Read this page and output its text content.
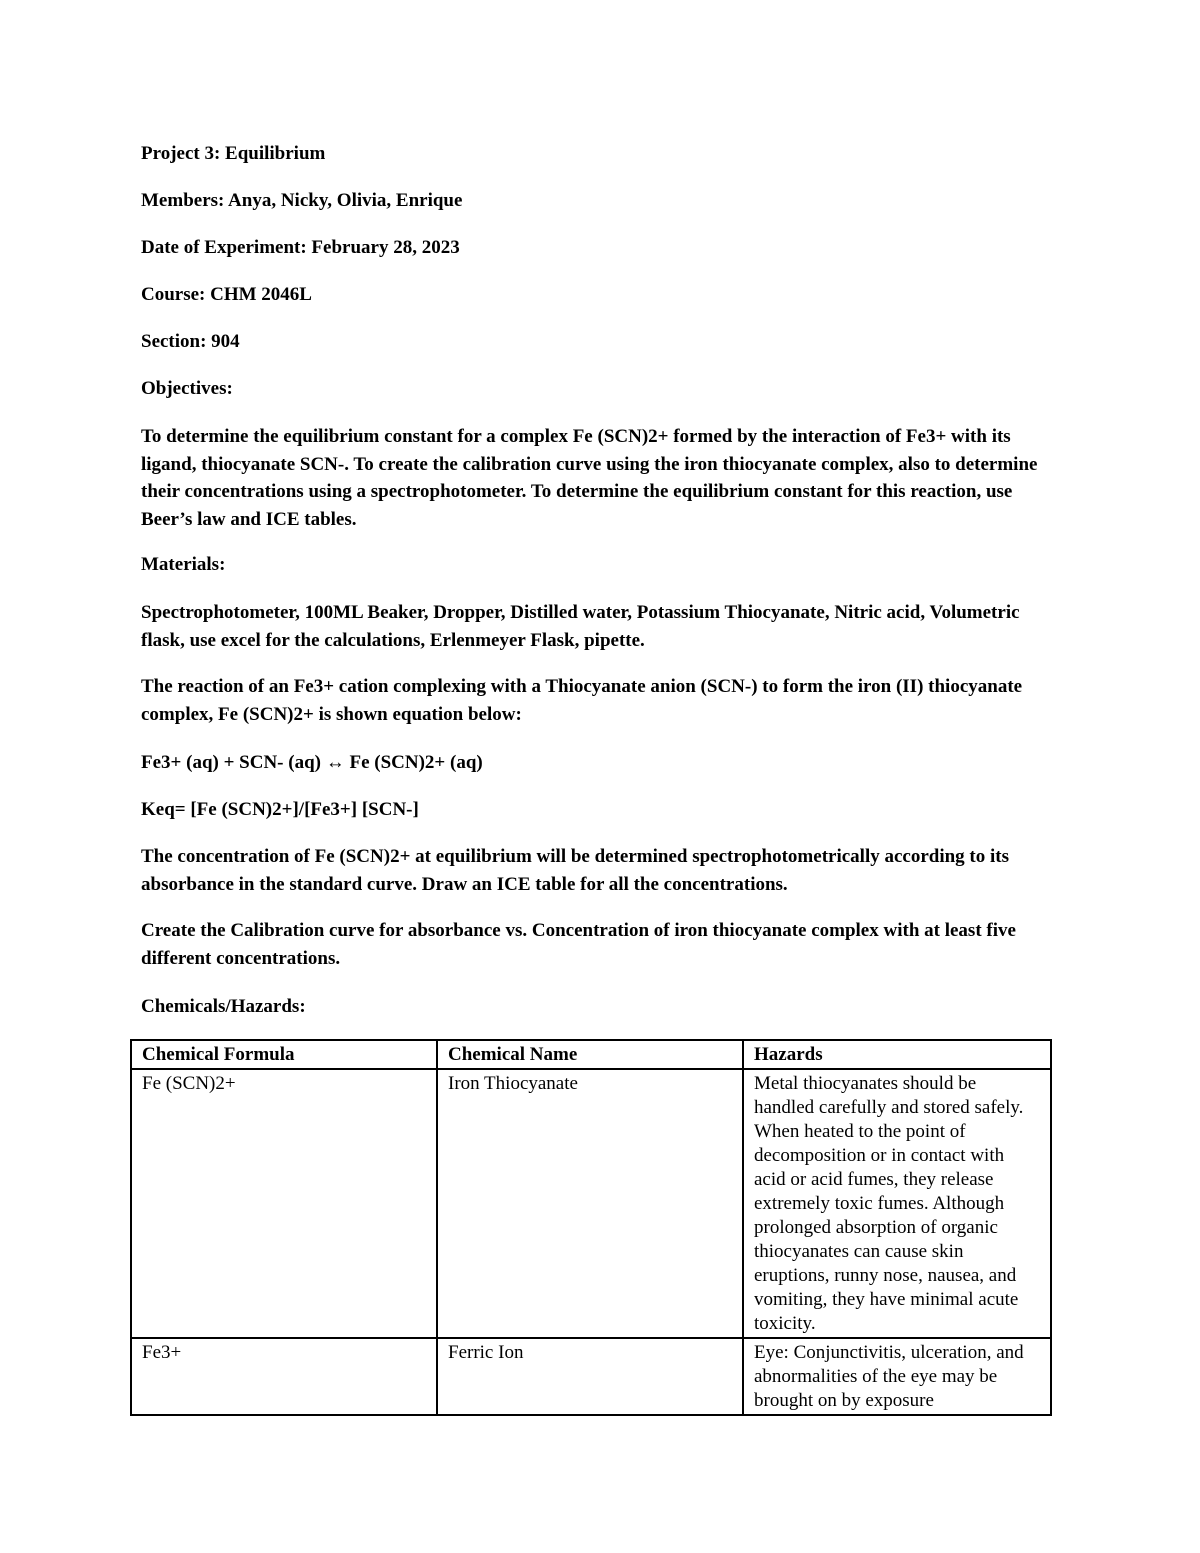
Project 3: Equilibrium

Members: Anya, Nicky, Olivia, Enrique

Date of Experiment: February 28, 2023

Course: CHM 2046L

Section: 904

Objectives:

To determine the equilibrium constant for a complex Fe (SCN)2+ formed by the interaction of Fe3+ with its ligand, thiocyanate SCN-. To create the calibration curve using the iron thiocyanate complex, also to determine their concentrations using a spectrophotometer. To determine the equilibrium constant for this reaction, use Beer’s law and ICE tables.

Materials:

Spectrophotometer, 100ML Beaker, Dropper, Distilled water, Potassium Thiocyanate, Nitric acid, Volumetric flask, use excel for the calculations, Erlenmeyer Flask, pipette.

The reaction of an Fe3+ cation complexing with a Thiocyanate anion (SCN-) to form the iron (II) thiocyanate complex, Fe (SCN)2+ is shown equation below:

Fe3+ (aq) + SCN- (aq) ↔ Fe (SCN)2+ (aq)

Keq= [Fe (SCN)2+]/[Fe3+] [SCN-]

The concentration of Fe (SCN)2+ at equilibrium will be determined spectrophotometrically according to its absorbance in the standard curve. Draw an ICE table for all the concentrations.

Create the Calibration curve for absorbance vs. Concentration of iron thiocyanate complex with at least five different concentrations.

Chemicals/Hazards:

Chemical Formula	Chemical Name	Hazards
Fe (SCN)2+	Iron Thiocyanate	Metal thiocyanates should be handled carefully and stored safely. When heated to the point of decomposition or in contact with acid or acid fumes, they release extremely toxic fumes. Although prolonged absorption of organic thiocyanates can cause skin eruptions, runny nose, nausea, and vomiting, they have minimal acute toxicity.
Fe3+	Ferric Ion	Eye: Conjunctivitis, ulceration, and abnormalities of the eye may be brought on by exposure
